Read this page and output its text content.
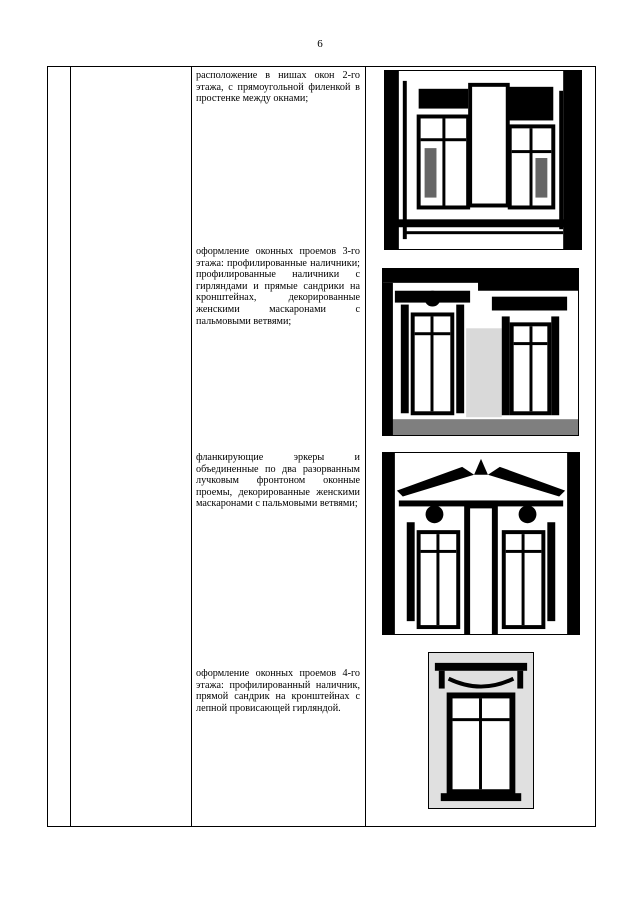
6
расположение в нишах окон 2-го этажа, с прямоугольной филенкой в простенке между окнами;
оформление оконных проемов 3-го этажа: профилированные наличники; профилированные наличники с гирляндами и прямые сандрики на кронштейнах, декорированные женскими маскаронами с пальмовыми ветвями;
фланкирующие эркеры и объединенные по два разорванным лучковым фронтоном оконные проемы, декорированные женскими маскаронами с пальмовыми ветвями;
оформление оконных проемов 4-го этажа: профилированный наличник, прямой сандрик на кронштейнах с лепной провисающей гирляндой.
